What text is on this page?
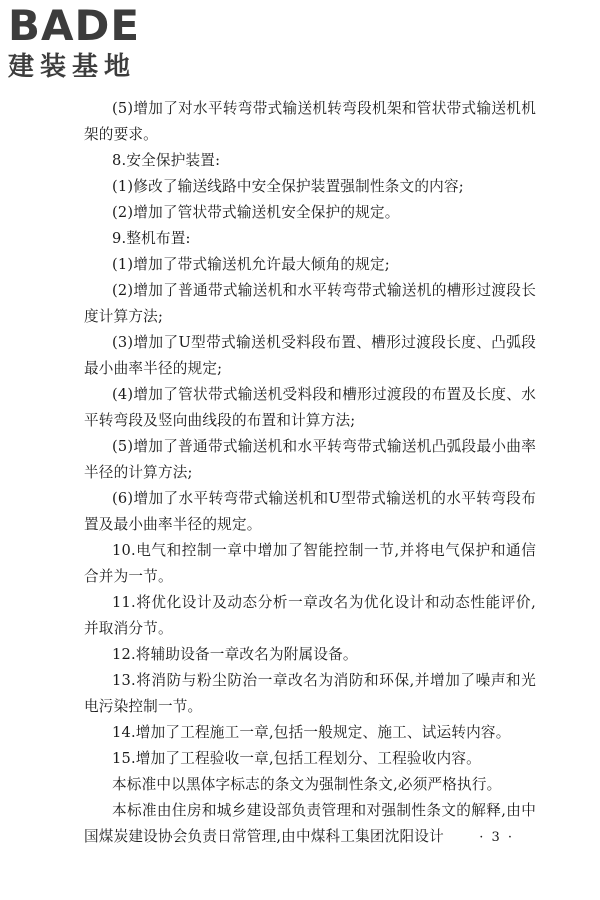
BADE
建装基地

(5)增加了对水平转弯带式输送机转弯段机架和管状带式输送机机架的要求。

8.安全保护装置:

(1)修改了输送线路中安全保护装置强制性条文的内容;

(2)增加了管状带式输送机安全保护的规定。

9.整机布置:

(1)增加了带式输送机允许最大倾角的规定;

(2)增加了普通带式输送机和水平转弯带式输送机的槽形过渡段长度计算方法;

(3)增加了U型带式输送机受料段布置、槽形过渡段长度、凸弧段最小曲率半径的规定;

(4)增加了管状带式输送机受料段和槽形过渡段的布置及长度、水平转弯段及竖向曲线段的布置和计算方法;

(5)增加了普通带式输送机和水平转弯带式输送机凸弧段最小曲率半径的计算方法;

(6)增加了水平转弯带式输送机和U型带式输送机的水平转弯段布置及最小曲率半径的规定。

10.电气和控制一章中增加了智能控制一节,并将电气保护和通信合并为一节。

11.将优化设计及动态分析一章改名为优化设计和动态性能评价,并取消分节。

12.将辅助设备一章改名为附属设备。

13.将消防与粉尘防治一章改名为消防和环保,并增加了噪声和光电污染控制一节。

14.增加了工程施工一章,包括一般规定、施工、试运转内容。

15.增加了工程验收一章,包括工程划分、工程验收内容。

本标准中以黑体字标志的条文为强制性条文,必须严格执行。

本标准由住房和城乡建设部负责管理和对强制性条文的解释,由中国煤炭建设协会负责日常管理,由中煤科工集团沈阳设计	· 3 ·
